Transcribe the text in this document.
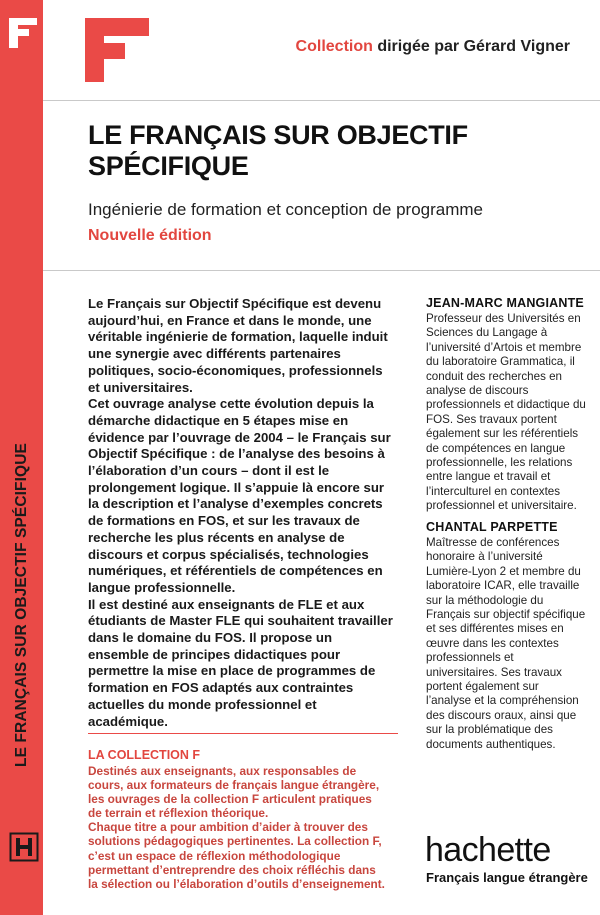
LE FRANÇAIS SUR OBJECTIF SPÉCIFIQUE
Collection dirigée par Gérard Vigner
LE FRANÇAIS SUR OBJECTIF SPÉCIFIQUE
Ingénierie de formation et conception de programme
Nouvelle édition

Le Français sur Objectif Spécifique est devenu aujourd’hui, en France et dans le monde, une véritable ingénierie de formation, laquelle induit une synergie avec différents partenaires politiques, socio-économiques, professionnels et universitaires.

Cet ouvrage analyse cette évolution depuis la démarche didactique en 5 étapes mise en évidence par l’ouvrage de 2004 – le Français sur Objectif Spécifique : de l’analyse des besoins à l’élaboration d’un cours – dont il est le prolongement logique. Il s’appuie là encore sur la description et l’analyse d’exemples concrets de formations en FOS, et sur les travaux de recherche les plus récents en analyse de discours et corpus spécialisés, technologies numériques, et référentiels de compétences en langue professionnelle.

Il est destiné aux enseignants de FLE et aux étudiants de Master FLE qui souhaitent travailler dans le domaine du FOS. Il propose un ensemble de principes didactiques pour permettre la mise en place de programmes de formation en FOS adaptés aux contraintes actuelles du monde professionnel et académique.

JEAN-MARC MANGIANTE
Professeur des Universités en Sciences du Langage à l’université d’Artois et membre du laboratoire Grammatica, il conduit des recherches en analyse de discours professionnels et didactique du FOS. Ses travaux portent également sur les référentiels de compétences en langue professionnelle, les relations entre langue et travail et l’interculturel en contextes professionnel et universitaire.
CHANTAL PARPETTE
Maîtresse de conférences honoraire à l’université Lumière-Lyon 2 et membre du laboratoire ICAR, elle travaille sur la méthodologie du Français sur objectif spécifique et ses différentes mises en œuvre dans les contextes professionnels et universitaires. Ses travaux portent également sur l’analyse et la compréhension des discours oraux, ainsi que sur la problématique des documents authentiques.
LA COLLECTION F
Destinés aux enseignants, aux responsables de cours, aux formateurs de français langue étrangère, les ouvrages de la collection F articulent pratiques de terrain et réflexion théorique.
Chaque titre a pour ambition d’aider à trouver des solutions pédagogiques pertinentes. La collection F, c’est un espace de réflexion méthodologique permettant d’entreprendre des choix réfléchis dans la sélection ou l’élaboration d’outils d’enseignement.
hachette
Français langue étrangère
